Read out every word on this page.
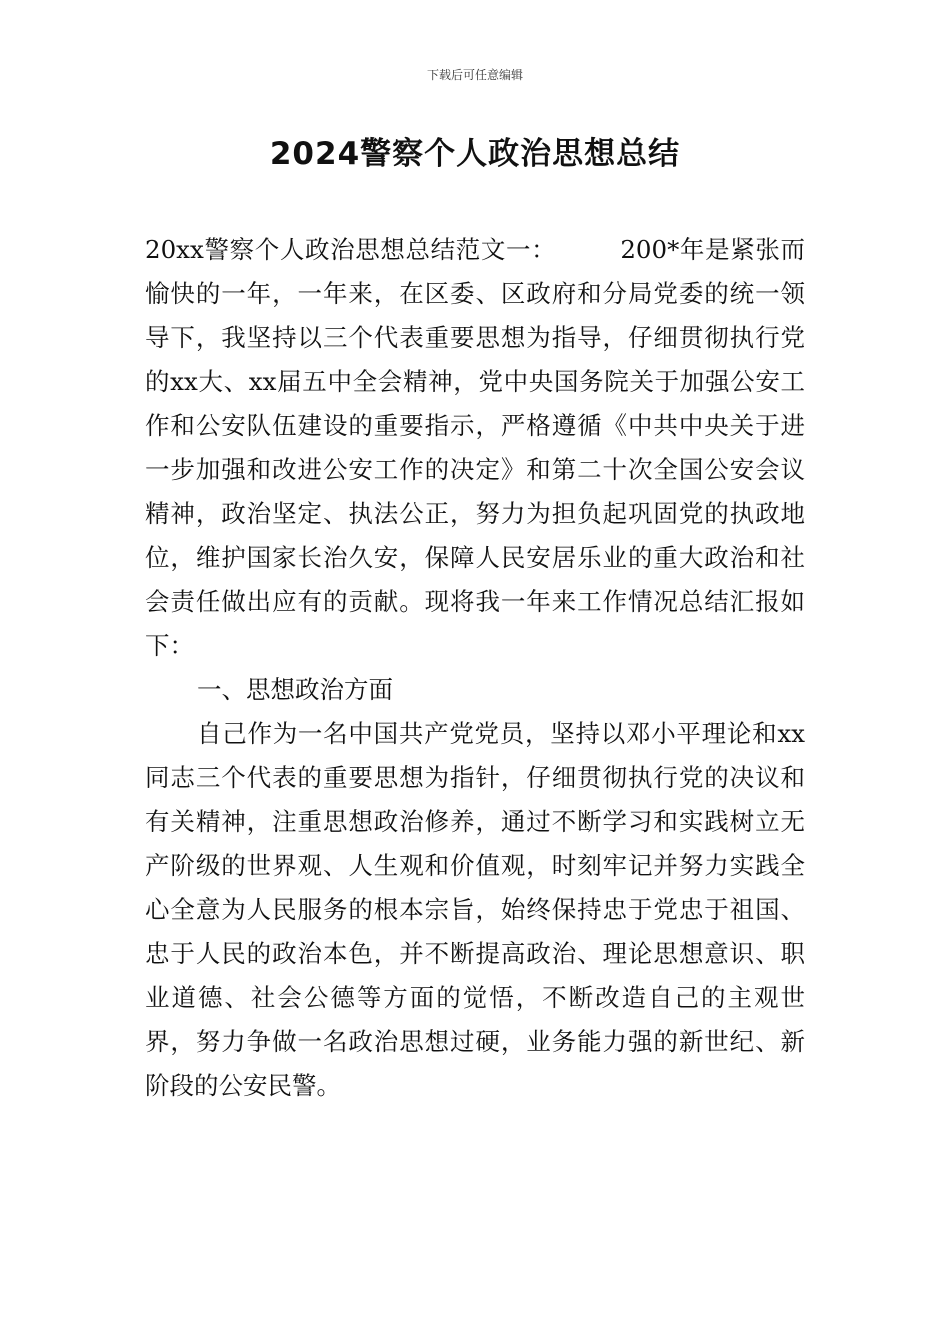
下载后可任意编辑
2024警察个人政治思想总结

20xx警察个人政治思想总结范文一：	200*年是紧张而愉快的一年，一年来，在区委、区政府和分局党委的统一领导下，我坚持以三个代表重要思想为指导，仔细贯彻执行党的xx大、xx届五中全会精神，党中央国务院关于加强公安工作和公安队伍建设的重要指示，严格遵循《中共中央关于进一步加强和改进公安工作的决定》和第二十次全国公安会议精神，政治坚定、执法公正，努力为担负起巩固党的执政地位，维护国家长治久安，保障人民安居乐业的重大政治和社会责任做出应有的贡献。现将我一年来工作情况总结汇报如下：

一、思想政治方面

自己作为一名中国共产党党员，坚持以邓小平理论和xx同志三个代表的重要思想为指针，仔细贯彻执行党的决议和有关精神，注重思想政治修养，通过不断学习和实践树立无产阶级的世界观、人生观和价值观，时刻牢记并努力实践全心全意为人民服务的根本宗旨，始终保持忠于党忠于祖国、忠于人民的政治本色，并不断提高政治、理论思想意识、职业道德、社会公德等方面的觉悟，不断改造自己的主观世界，努力争做一名政治思想过硬，业务能力强的新世纪、新阶段的公安民警。
